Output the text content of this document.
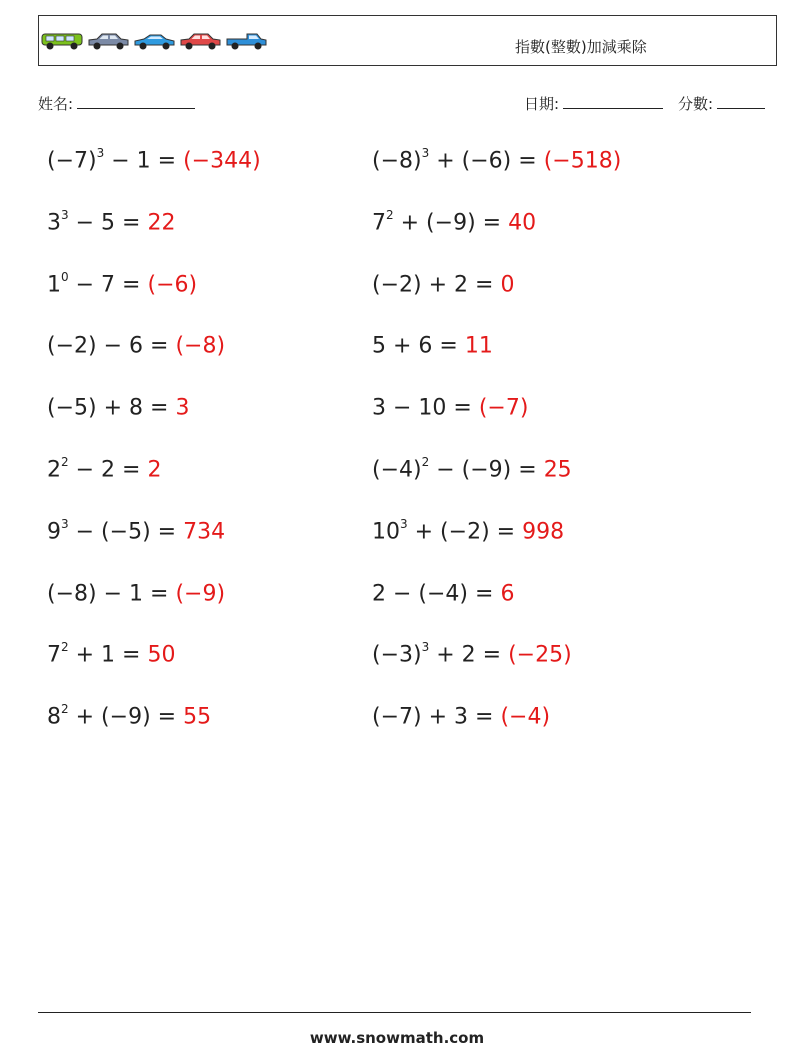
指數(整數)加減乘除
姓名:	日期:	分數:
$(-7)^3 - 1 = (-344)$	$(-8)^3 + (-6) = (-518)$
$3^3 - 5 = 22$	$7^2 + (-9) = 40$
$1^0 - 7 = (-6)$	(−2) + 2 = 0
(−2) − 6 = (−8)	5 + 6 = 11
(−5) + 8 = 3	3 − 10 = (−7)
$2^2 - 2 = 2$	$(-4)^2 - (-9) = 25$
$9^3 - (-5) = 734$	$10^3 + (-2) = 998$
(−8) − 1 = (−9)	2 − (−4) = 6
$7^2 + 1 = 50$	$(-3)^3 + 2 = (-25)$
$8^2 + (-9) = 55$	(−7) + 3 = (−4)
www.snowmath.com
